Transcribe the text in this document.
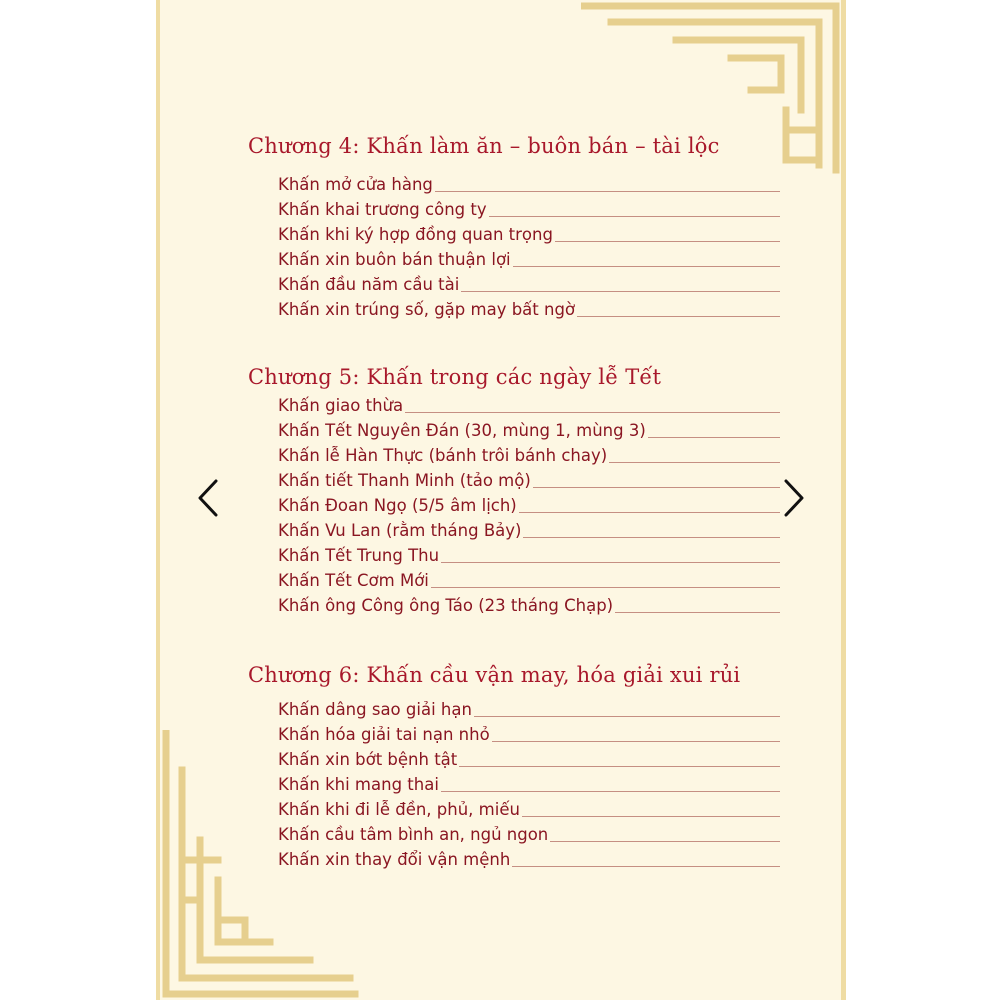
Chương 4: Khấn làm ăn – buôn bán – tài lộc
Khấn mở cửa hàng
Khấn khai trương công ty
Khấn khi ký hợp đồng quan trọng
Khấn xin buôn bán thuận lợi
Khấn đầu năm cầu tài
Khấn xin trúng số, gặp may bất ngờ
Chương 5: Khấn trong các ngày lễ Tết
Khấn giao thừa
Khấn Tết Nguyên Đán (30, mùng 1, mùng 3)
Khấn lễ Hàn Thực (bánh trôi bánh chay)
Khấn tiết Thanh Minh (tảo mộ)
Khấn Đoan Ngọ (5/5 âm lịch)
Khấn Vu Lan (rằm tháng Bảy)
Khấn Tết Trung Thu
Khấn Tết Cơm Mới
Khấn ông Công ông Táo (23 tháng Chạp)
Chương 6: Khấn cầu vận may, hóa giải xui rủi
Khấn dâng sao giải hạn
Khấn hóa giải tai nạn nhỏ
Khấn xin bớt bệnh tật
Khấn khi mang thai
Khấn khi đi lễ đền, phủ, miếu
Khấn cầu tâm bình an, ngủ ngon
Khấn xin thay đổi vận mệnh
